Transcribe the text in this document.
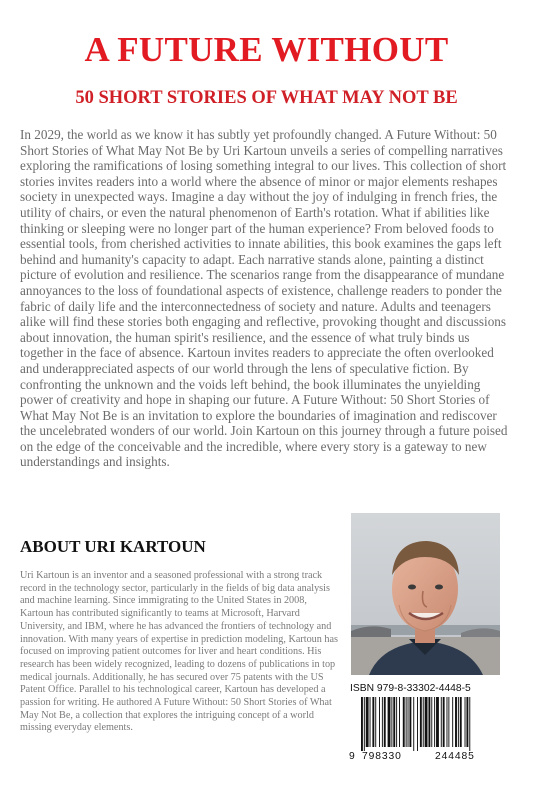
A FUTURE WITHOUT
50 SHORT STORIES OF WHAT MAY NOT BE

In 2029, the world as we know it has subtly yet profoundly changed. A Future Without: 50 Short Stories of What May Not Be by Uri Kartoun unveils a series of compelling narratives exploring the ramifications of losing something integral to our lives. This collection of short stories invites readers into a world where the absence of minor or major elements reshapes society in unexpected ways. Imagine a day without the joy of indulging in french fries, the utility of chairs, or even the natural phenomenon of Earth's rotation. What if abilities like thinking or sleeping were no longer part of the human experience? From beloved foods to essential tools, from cherished activities to innate abilities, this book examines the gaps left behind and humanity's capacity to adapt. Each narrative stands alone, painting a distinct picture of evolution and resilience. The scenarios range from the disappearance of mundane annoyances to the loss of foundational aspects of existence, challenge readers to ponder the fabric of daily life and the interconnectedness of society and nature. Adults and teenagers alike will find these stories both engaging and reflective, provoking thought and discussions about innovation, the human spirit's resilience, and the essence of what truly binds us together in the face of absence. Kartoun invites readers to appreciate the often overlooked and underappreciated aspects of our world through the lens of speculative fiction. By confronting the unknown and the voids left behind, the book illuminates the unyielding power of creativity and hope in shaping our future. A Future Without: 50 Short Stories of What May Not Be is an invitation to explore the boundaries of imagination and rediscover the uncelebrated wonders of our world. Join Kartoun on this journey through a future poised on the edge of the conceivable and the incredible, where every story is a gateway to new understandings and insights.

ABOUT URI KARTOUN

Uri Kartoun is an inventor and a seasoned professional with a strong track record in the technology sector, particularly in the fields of big data analysis and machine learning. Since immigrating to the United States in 2008, Kartoun has contributed significantly to teams at Microsoft, Harvard University, and IBM, where he has advanced the frontiers of technology and innovation. With many years of expertise in prediction modeling, Kartoun has focused on improving patient outcomes for liver and heart conditions. His research has been widely recognized, leading to dozens of publications in top medical journals. Additionally, he has secured over 75 patents with the US Patent Office. Parallel to his technological career, Kartoun has developed a passion for writing. He authored A Future Without: 50 Short Stories of What May Not Be, a collection that explores the intriguing concept of a world missing everyday elements.

ISBN 979-8-33302-4448-5

9 798330	244485
